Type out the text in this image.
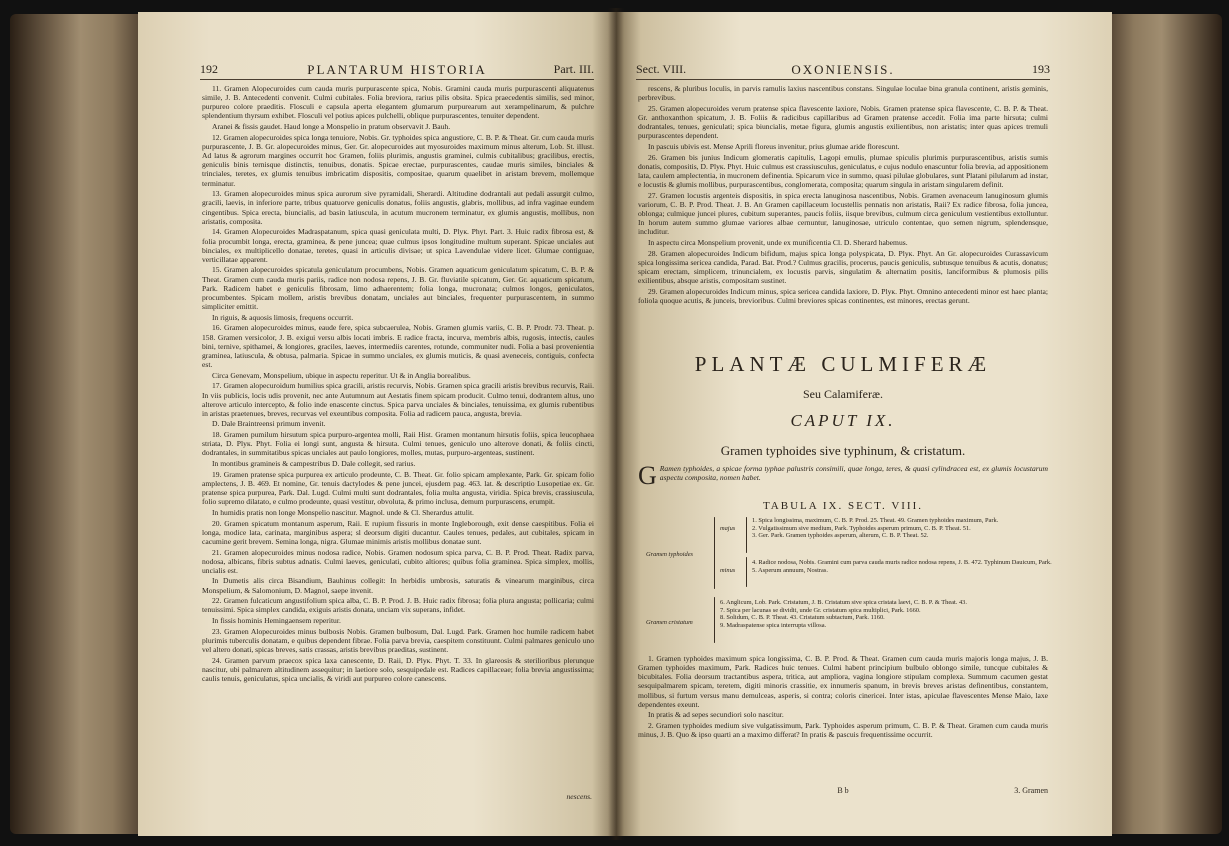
192	PLANTARUM HISTORIA	Part. III.

11. Gramen Alopecuroides cum cauda muris purpurascente spica, Nobis. Gramini cauda muris purpurascenti aliquatenus simile, J. B. Antecedenti convenit. Culmi cubitales. Folia breviora, rarius pilis obsita. Spica praecedentis similis, sed minor, purpureo colore praeditis. Flosculi e capsula aperta elegantem glumarum purpurearum aut xerampelinarum, & pulchre splendentium thyrsum exhibet. Flosculi vel potius apices pulchelli, oblique purpurascentes, tenuiter dependent.

Aranei & fissis gaudet. Haud longe a Monspelio in pratum observavit J. Bauh.

12. Gramen alopecuroides spica longa tenuiore, Nobis. Gr. typhoides spica angustiore, C. B. P. & Theat. Gr. cum cauda muris purpurascente, J. B. Gr. alopecuroides minus, Ger. Gr. alopecuroides aut myosuroides maximum minus alterum, Lob. St. illust. Ad latus & agrorum margines occurrit hoc Gramen, foliis plurimis, angustis graminei, culmis cubitalibus; gracilibus, erectis, geniculis binis ternisque distinctis, tenuibus, donatis. Spicae erectae, purpurascentes, caudae muris similes, binciales & trinciales, teretes, ex glumis tenuibus imbricatim dispositis, compositae, quarum quaelibet in aristam brevem, mollemque terminatur.

13. Gramen alopecuroides minus spica aurorum sive pyramidali, Sherardi. Altitudine dodrantali aut pedali assurgit culmo, gracili, laevis, in inferiore parte, tribus quatuorve geniculis donatus, foliis angustis, glabris, mollibus, ad infra vaginae eundem cingentibus. Spica erecta, biuncialis, ad basin latiuscula, in acutum mucronem terminatur, ex glumis angustis, mollibus, non aristatis, composita.

14. Gramen Alopecuroides Madraspatanum, spica quasi geniculata multi, D. Plук. Phyt. Part. 3. Huic radix fibrosa est, & folia procumbit longa, erecta, graminea, & pene juncea; quae culmus ipsos longitudine multum superant. Spicae unciales aut binciales, ex multiplicello donatae, teretes, quasi in articulis divisae; ut spica Lavendulae videre licet. Glumae contiguae, verticillatae apparent.

15. Gramen alopecuroides spicatula geniculatum procumbens, Nobis. Gramen aquaticum geniculatum spicatum, C. B. P. & Theat. Gramen cum cauda muris pariis, radice non nodosa repens, J. B. Gr. fluviatile spicatum, Ger. Gr. aquaticum spicatum, Park. Radicem habet e geniculis fibrosam, limo adhaerentem; folia longa, mucronata; culmos longos, geniculatos, procumbentes. Spicam mollem, aristis brevibus donatam, unciales aut binciales, frequenter purpurascentem, in summo simpliciter emittit.

In riguis, & aquosis limosis, frequens occurrit.

16. Gramen alopecuroides minus, eaude fere, spica subcaerulea, Nobis. Gramen glumis variis, C. B. P. Prodr. 73. Theat. p. 158. Gramen versicolor, J. B. exigui versu albis locati imbris. E radice fracta, incurva, membris albis, rugosis, intectis, caules bini, ternive, spithamei, & longiores, graciles, laeves, intermediis carentes, rotunde, communiter nudi. Folia a basi provenientia graminea, latiuscula, & obtusa, palmaria. Spicae in summo unciales, ex glumis muticis, & quasi aveneceis, contiguis, confecta est.

Circa Genevam, Monspelium, ubique in aspectu reperitur. Ut & in Anglia borealibus.

17. Gramen alopecuroidum humilius spica gracili, aristis recurvis, Nobis. Gramen spica gracili aristis brevibus recurvis, Raii. In viis publicis, locis udis provenit, nec ante Autumnum aut Aestatis finem spicam producit. Culmo tenui, dodrantem altus, uno alterove articulo intercepto, & folio inde enascente cinctus. Spica parva unciales & binciales, tenuissima, ex glumis rubentibus in aristas praetenues, breves, recurvas vel exeuntibus composita. Folia ad radicem pauca, angusta, brevia.

D. Dale Braintreensi primum invenit.

18. Gramen pumilum hirsutum spica purpuro-argentea molli, Raii Hist. Gramen montanum hirsutis foliis, spica leucophaea striata, D. Plук. Phyt. Folia ei longi sunt, angusta & hirsuta. Culmi tenues, geniculo uno alterove donati, & foliis cincti, dodrantales, in summitatibus spicas unciales aut paulo longiores, molles, mutas, purpuro-argenteas, sustinent.

In montibus gramineis & campestribus D. Dale collegit, sed rarius.

19. Gramen pratense spica purpurea ex articulo prodeunte, C. B. Theat. Gr. folio spicam amplexante, Park. Gr. spicam folio amplectens, J. B. 469. Et nomine, Gr. tenuis dactylodes & pene juncei, ejusdem pag. 463. lat. & descriptio Lusopetiae ex. Gr. pratense spica purpurea, Park. Dal. Lugd. Culmi multi sunt dodrantales, folia multa angusta, viridia. Spica brevis, crassiuscula, folio supremo dilatato, e culmo prodeunte, quasi vestitur, obvoluta, & primo inclusa, demum purpurascens, erumpit.

In humidis pratis non longe Monspelio nascitur. Magnol. unde & Cl. Sherardus attulit.

20. Gramen spicatum montanum asperum, Raii. E rupium fissuris in monte Ingleborough, exit dense caespitibus. Folia ei longa, modice lata, carinata, marginibus aspera; sl deorsum digiti ducantur. Caules tenues, pedales, aut cubitales, spicam in cacumine gerit brevem. Semina longa, nigra. Glumae minimis aristis mollibus donatae sunt.

21. Gramen alopecuroides minus nodosa radice, Nobis. Gramen nodosum spica parva, C. B. P. Prod. Theat. Radix parva, nodosa, albicans, fibris subtus adnatis. Culmi laeves, geniculati, cubito altiores; quibus folia graminea. Spica simplex, mollis, uncialis est.

In Dumetis alis circa Bisandium, Bauhinus collegit: In herbidis umbrosis, saturatis & vinearum marginibus, circa Monspelium, & Salomonium, D. Magnol, saepe invenit.

22. Gramen fulcaticum angustifolium spica alba, C. B. P. Prod. J. B. Huic radix fibrosa; folia plura angusta; pollicaria; culmi tenuissimi. Spica simplex candida, exiguis aristis donata, unciam vix superans, infidet.

In fissis hominis Hemingaensem reperitur.

23. Gramen Alopecuroides minus bulbosis Nobis. Gramen bulbosum, Dal. Lugd. Park. Gramen hoc humile radicem habet plurimis tuberculis donatam, e quibus dependent fibrae. Folia parva brevia, caespitem constituunt. Culmi palmares geniculo uno vel altero donati, spicas breves, satis crassas, aristis brevibus praeditas, sustinent.

24. Gramen parvum praecox spica laxa canescente, D. Raii, D. Plук. Phyt. T. 33. In glareosis & sterilioribus plerunque nascitur, ubi palmarem altitudinem assequitur; in laetiore solo, sesquipedale est. Radices capillaceae; folia brevia angustissima; caulis tenuis, geniculatus, spica uncialis, & viridi aut purpureo colore canescens.

nescens.
Sect. VIII.	OXONIENSIS.	193

rescens, & pluribus loculis, in parvis ramulis laxius nascentibus constans. Singulae loculae bina granula continent, aristis geminis, perbrevibus.

25. Gramen alopecuroides verum pratense spica flavescente laxiore, Nobis. Gramen pratense spica flavescente, C. B. P. & Theat. Gr. anthoxanthon spicatum, J. B. Foliis & radicibus capillaribus ad Gramen pratense accedit. Folia ima parte hirsuta; culmi dodrantales, tenues, geniculati; spica biuncialis, metae figura, glumis angustis exilientibus, non aristatis; inter quas apices tremuli purpurascentes dependent.

In pascuis ubivis est. Mense Aprili floreus invenitur, prius glumae aride florescunt.

26. Gramen bis junius Indicum glomeratis capitulis, Lagopi emulis, plumae spiculis plurimis purpurascentibus, aristis sumis donatis, compositis, D. Plук. Phyt. Huic culmus est crassiusculus, geniculatus, e cujus nodulo enascuntur folia brevia, ad appositionem lata, caulem amplectentia, in mucronem definentia. Spicarum vice in summo, quasi pilulae globulares, sunt Platani pilularum ad instar, e locustis & glumis mollibus, purpurascentibus, conglomerata, composita; quarum singula in aristam singularem definit.

27. Gramen locustis argenteis dispositis, in spica erecta lanuginosa nascentibus, Nobis. Gramen avenaceum lanuginosum glumis variorum, C. B. P. Prod. Theat. J. B. An Gramen capillaceum locustellis pennatis non aristatis, Raii? Ex radice fibrosa, folia juncea, oblonga; culmique juncei plures, cubitum superantes, paucis foliis, iisque brevibus, culmum circa geniculum vestientibus extolluntur. In horum autem summo glumae variores albae cernuntur, lanuginosae, utriculo contentae, quo semen nigrum, splendensque, includitur.

In aspectu circa Monspelium provenit, unde ex munificentia Cl. D. Sherard habemus.

28. Gramen alopecuroides Indicum bifidum, majus spica longa polyspicata, D. Plук. Phyt. An Gr. alopecuroides Curassavicum spica longissima sericea candida, Parad. Bat. Prod.? Culmus gracilis, procerus, paucis geniculis, subtusque tenuibus & acutis, donatus; spicam erectam, simplicem, trinuncialem, ex locustis parvis, singulatim & alternatim positis, lanciformibus & plumosis pilis exilientibus, absque aristis, compositam sustinet.

29. Gramen alopecuroides Indicum minus, spica sericea candida laxiore, D. Plук. Phyt. Omnino antecedenti minor est haec planta; foliola quoque acutis, & junceis, brevioribus. Culmi breviores spicas continentes, est minores, erectas gerunt.

PLANTÆ CULMIFERÆ
Seu Calamiferæ.
CAPUT IX.
Gramen typhoides sive typhinum, & cristatum.
G Ramen typhoides, a spicae forma typhae palustris consimili, quae longa, teres, & quasi cylindracea est, ex glumis locustarum aspectu composita, nomen habet.
TABULA IX. SECT. VIII.
Gramen typhoides
majus
1. Spica longissima, maximum, C. B. P. Prod. 25. Theat. 49. Gramen typhoides maximum, Park.
2. Vulgatissimum sive medium, Park. Typhoides asperum primum, C. B. P. Theat. 51.
3. Ger. Park. Gramen typhoides asperum, alterum, C. B. P. Theat. 52.
minus
4. Radice nodosa, Nobis. Gramini cum parva cauda muris radice nodosa repens, J. B. 472. Typhinum Dauicum, Park.
5. Asperum annuum, Nostras.
Gramen cristatum
6. Anglicum, Lob. Park. Cristatum, J. B. Cristatum sive spica cristata laevi, C. B. P. & Theat. 43.
7. Spica per lacunas se dividit, unde Gr. cristatum spica multiplici, Park. 1660.
8. Solidum, C. B. P. Theat. 43. Cristatum subtactum, Park. 1160.
9. Madraspatense spica interrupta villosa.

1. Gramen typhoides maximum spica longissima, C. B. P. Prod. & Theat. Gramen cum cauda muris majoris longa majus, J. B. Gramen typhoides maximum, Park. Radices huic tenues. Culmi habent principium bulbulo oblongo simile, tuncque cubitales & bicubitales. Folia deorsum tractantibus aspera, tritica, aut ampliora, vagina longiore stipulam complexa. Summum cacumen gestat sesquipalmarem spicam, teretem, digiti minoris crassitie, ex innumeris spanum, in brevis breves aristas definentibus, constantem, mollibus, si furtum versus manu demulceas, asperis, si contra; coloris cinericei. Inter istas, apiculae flavescentes Mense Maio, laxe dependentes exeunt.

In pratis & ad sepes secundiori solo nascitur.

2. Gramen typhoides medium sive vulgatissimum, Park. Typhoides asperum primum, C. B. P. & Theat. Gramen cum cauda muris minus, J. B. Quo & ipso quarti an a maximo differat? In pratis & pascuis frequentissime occurrit.

B b	3. Gramen
